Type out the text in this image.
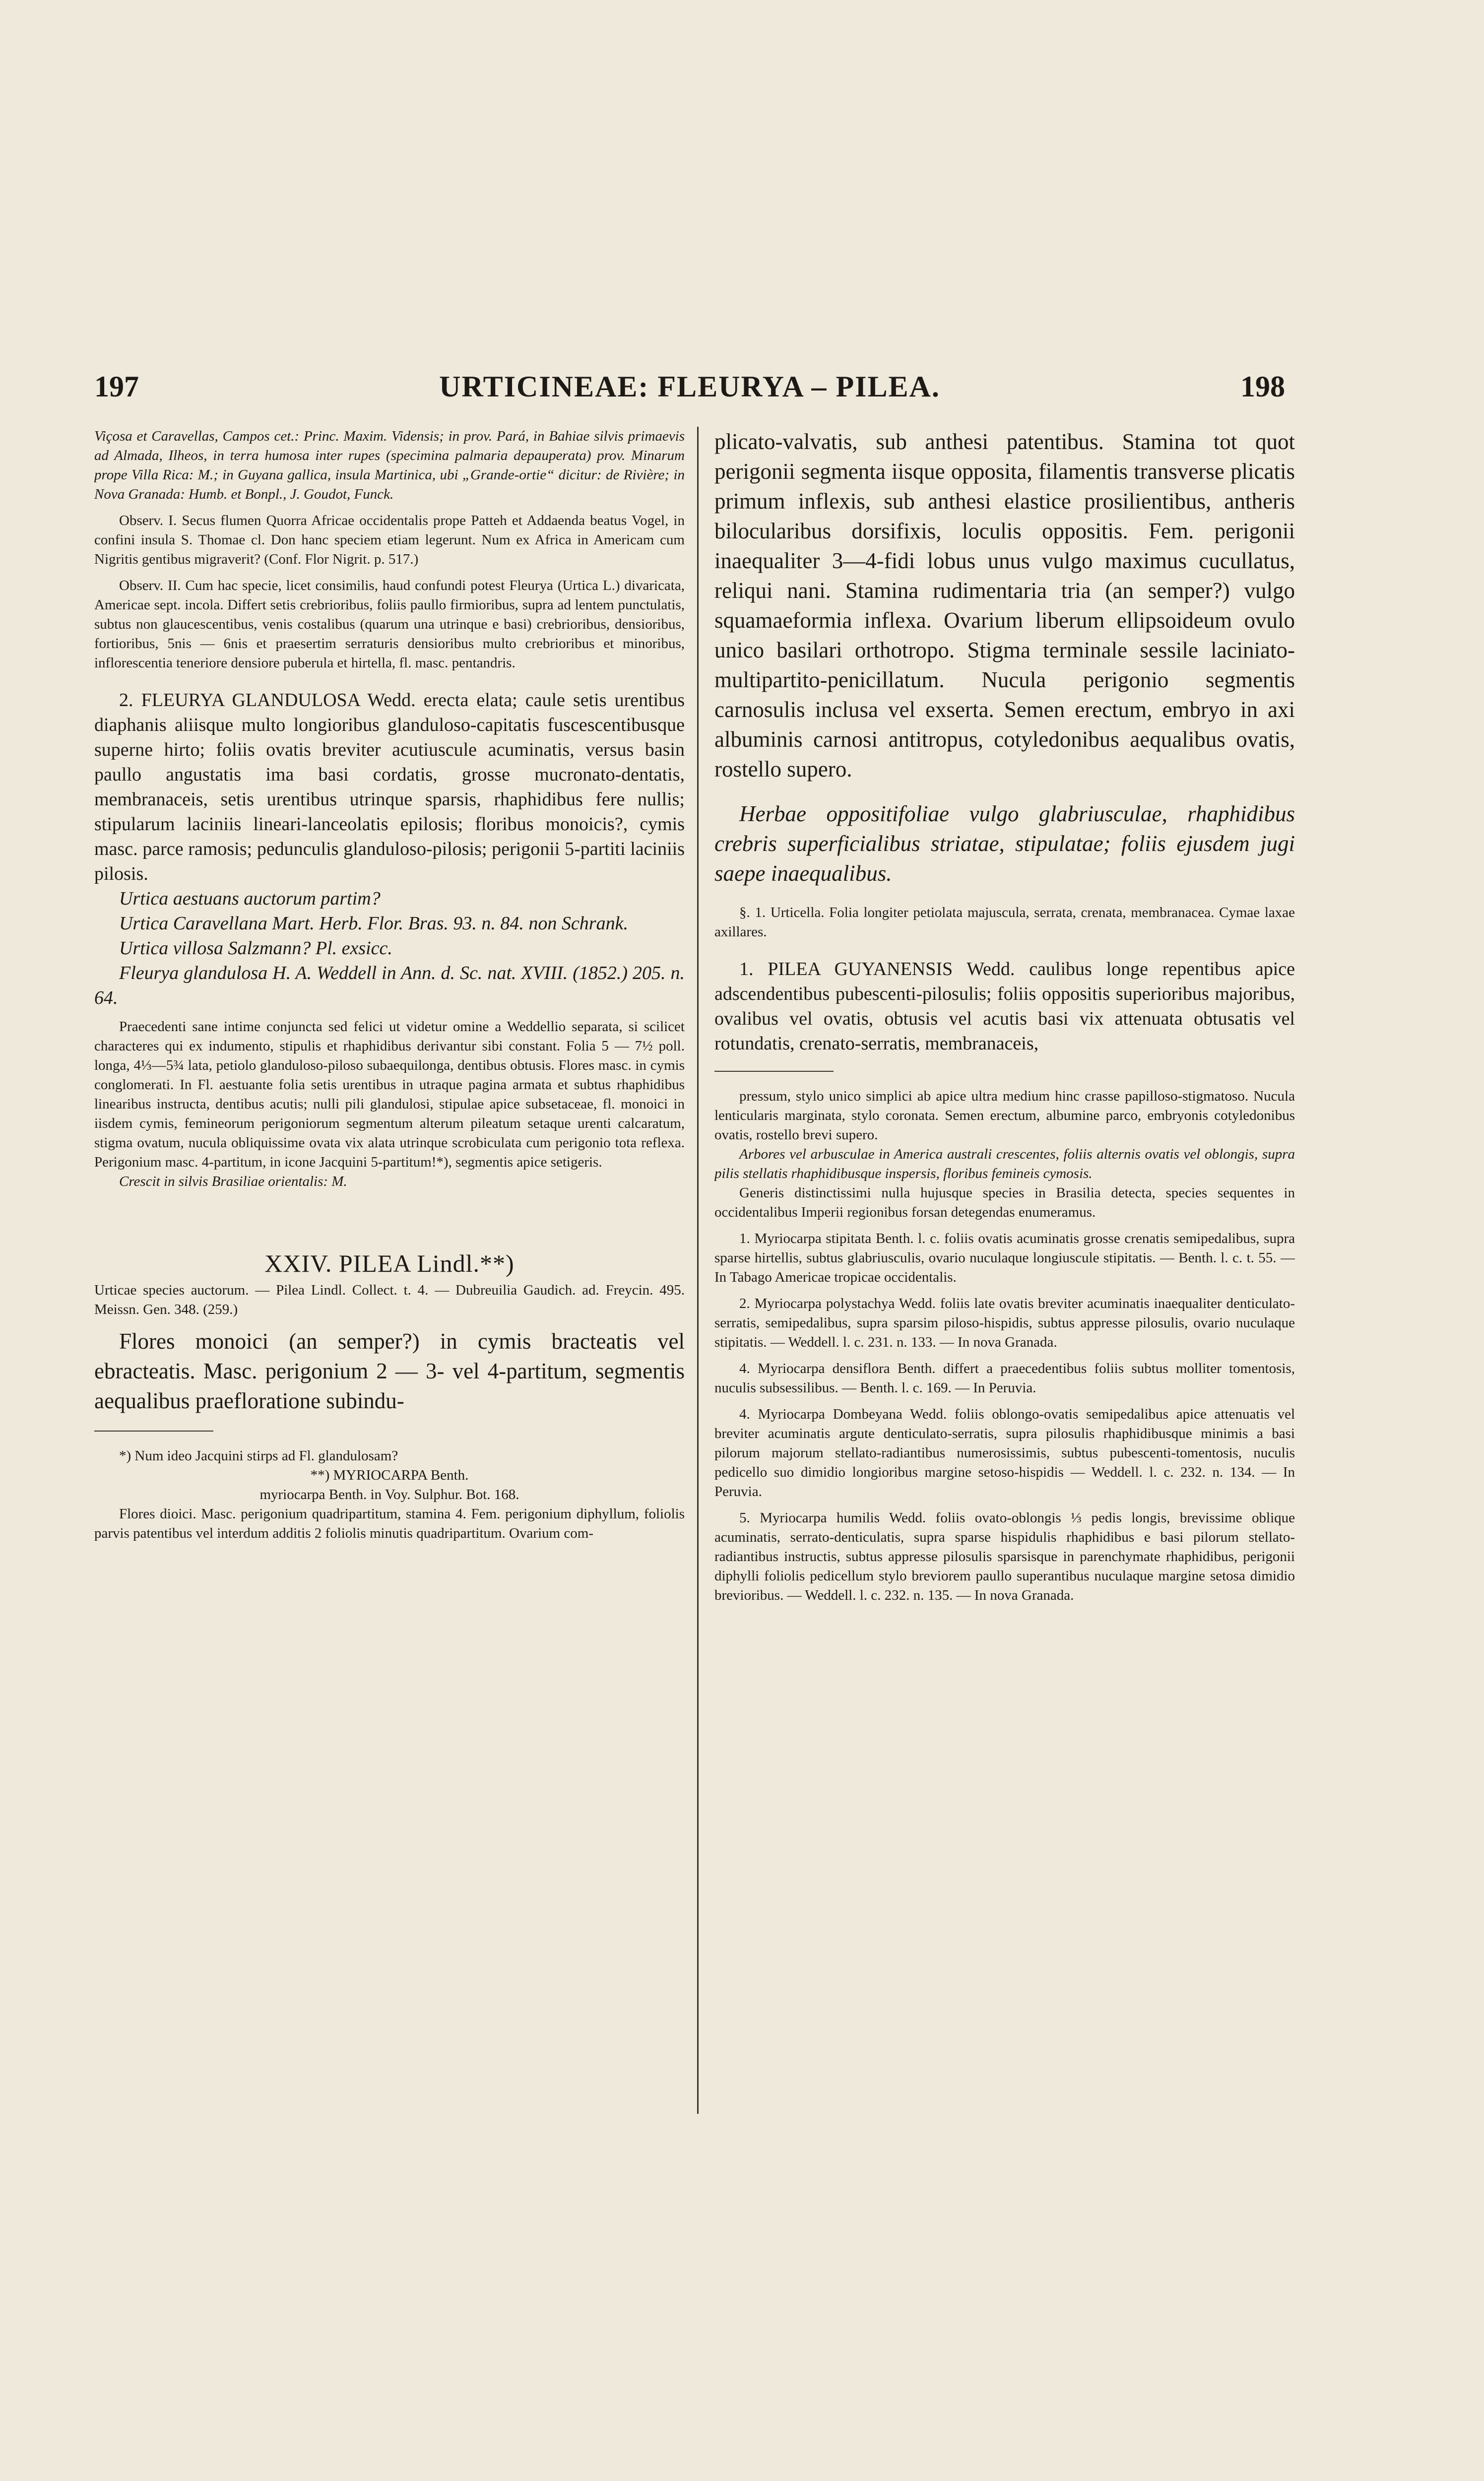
197	URTICINEAE: FLEURYA – PILEA.	198

Viçosa et Caravellas, Campos cet.: Princ. Maxim. Vidensis; in prov. Pará, in Bahiae silvis primaevis ad Almada, Ilheos, in terra humosa inter rupes (specimina palmaria depauperata) prov. Minarum prope Villa Rica: M.; in Guyana gallica, insula Martinica, ubi „Grande-ortie“ dicitur: de Rivière; in Nova Granada: Humb. et Bonpl., J. Goudot, Funck.

Observ. I. Secus flumen Quorra Africae occidentalis prope Patteh et Addaenda beatus Vogel, in confini insula S. Thomae cl. Don hanc speciem etiam legerunt. Num ex Africa in Americam cum Nigritis gentibus migraverit? (Conf. Flor Nigrit. p. 517.)

Observ. II. Cum hac specie, licet consimilis, haud confundi potest Fleurya (Urtica L.) divaricata, Americae sept. incola. Differt setis crebrioribus, foliis paullo firmioribus, supra ad lentem punctulatis, subtus non glaucescentibus, venis costalibus (quarum una utrinque e basi) crebrioribus, densioribus, fortioribus, 5nis — 6nis et praesertim serraturis densioribus multo crebrioribus et minoribus, inflorescentia teneriore densiore puberula et hirtella, fl. masc. pentandris.

2. FLEURYA GLANDULOSA Wedd. erecta elata; caule setis urentibus diaphanis aliisque multo longioribus glanduloso-capitatis fuscescentibusque superne hirto; foliis ovatis breviter acutiuscule acuminatis, versus basin paullo angustatis ima basi cordatis, grosse mucronato-dentatis, membranaceis, setis urentibus utrinque sparsis, rhaphidibus fere nullis; stipularum laciniis lineari-lanceolatis epilosis; floribus monoicis?, cymis masc. parce ramosis; pedunculis glanduloso-pilosis; perigonii 5-partiti laciniis pilosis.

Urtica aestuans auctorum partim?

Urtica Caravellana Mart. Herb. Flor. Bras. 93. n. 84. non Schrank.

Urtica villosa Salzmann? Pl. exsicc.

Fleurya glandulosa H. A. Weddell in Ann. d. Sc. nat. XVIII. (1852.) 205. n. 64.

Praecedenti sane intime conjuncta sed felici ut videtur omine a Weddellio separata, si scilicet characteres qui ex indumento, stipulis et rhaphidibus derivantur sibi constant. Folia 5 — 7½ poll. longa, 4⅓—5¾ lata, petiolo glanduloso-piloso subaequilonga, dentibus obtusis. Flores masc. in cymis conglomerati. In Fl. aestuante folia setis urentibus in utraque pagina armata et subtus rhaphidibus linearibus instructa, dentibus acutis; nulli pili glandulosi, stipulae apice subsetaceae, fl. monoici in iisdem cymis, femineorum perigoniorum segmentum alterum pileatum setaque urenti calcaratum, stigma ovatum, nucula obliquissime ovata vix alata utrinque scrobiculata cum perigonio tota reflexa. Perigonium masc. 4-partitum, in icone Jacquini 5-partitum!*), segmentis apice setigeris.

Crescit in silvis Brasiliae orientalis: M.

XXIV. PILEA Lindl.**)

Urticae species auctorum. — Pilea Lindl. Collect. t. 4. — Dubreuilia Gaudich. ad. Freycin. 495. Meissn. Gen. 348. (259.)

Flores monoici (an semper?) in cymis bracteatis vel ebracteatis. Masc. perigonium 2 — 3- vel 4-partitum, segmentis aequalibus praefloratione subindu-

*) Num ideo Jacquini stirps ad Fl. glandulosam?

**) MYRIOCARPA Benth.

myriocarpa Benth. in Voy. Sulphur. Bot. 168.

Flores dioici. Masc. perigonium quadripartitum, stamina 4. Fem. perigonium diphyllum, foliolis parvis patentibus vel interdum additis 2 foliolis minutis quadripartitum. Ovarium com-

plicato-valvatis, sub anthesi patentibus. Stamina tot quot perigonii segmenta iisque opposita, filamentis transverse plicatis primum inflexis, sub anthesi elastice prosilientibus, antheris bilocularibus dorsifixis, loculis oppositis. Fem. perigonii inaequaliter 3—4-fidi lobus unus vulgo maximus cucullatus, reliqui nani. Stamina rudimentaria tria (an semper?) vulgo squamaeformia inflexa. Ovarium liberum ellipsoideum ovulo unico basilari orthotropo. Stigma terminale sessile laciniato-multipartito-penicillatum. Nucula perigonio segmentis carnosulis inclusa vel exserta. Semen erectum, embryo in axi albuminis carnosi antitropus, cotyledonibus aequalibus ovatis, rostello supero.

Herbae oppositifoliae vulgo glabriusculae, rhaphidibus crebris superficialibus striatae, stipulatae; foliis ejusdem jugi saepe inaequalibus.

§. 1. Urticella. Folia longiter petiolata majuscula, serrata, crenata, membranacea. Cymae laxae axillares.

1. PILEA GUYANENSIS Wedd. caulibus longe repentibus apice adscendentibus pubescenti-pilosulis; foliis oppositis superioribus majoribus, ovalibus vel ovatis, obtusis vel acutis basi vix attenuata obtusatis vel rotundatis, crenato-serratis, membranaceis,

pressum, stylo unico simplici ab apice ultra medium hinc crasse papilloso-stigmatoso. Nucula lenticularis marginata, stylo coronata. Semen erectum, albumine parco, embryonis cotyledonibus ovatis, rostello brevi supero.

Arbores vel arbusculae in America australi crescentes, foliis alternis ovatis vel oblongis, supra pilis stellatis rhaphidibusque inspersis, floribus femineis cymosis.

Generis distinctissimi nulla hujusque species in Brasilia detecta, species sequentes in occidentalibus Imperii regionibus forsan detegendas enumeramus.

1. Myriocarpa stipitata Benth. l. c. foliis ovatis acuminatis grosse crenatis semipedalibus, supra sparse hirtellis, subtus glabriusculis, ovario nuculaque longiuscule stipitatis. — Benth. l. c. t. 55. — In Tabago Americae tropicae occidentalis.

2. Myriocarpa polystachya Wedd. foliis late ovatis breviter acuminatis inaequaliter denticulato-serratis, semipedalibus, supra sparsim piloso-hispidis, subtus appresse pilosulis, ovario nuculaque stipitatis. — Weddell. l. c. 231. n. 133. — In nova Granada.

4. Myriocarpa densiflora Benth. differt a praecedentibus foliis subtus molliter tomentosis, nuculis subsessilibus. — Benth. l. c. 169. — In Peruvia.

4. Myriocarpa Dombeyana Wedd. foliis oblongo-ovatis semipedalibus apice attenuatis vel breviter acuminatis argute denticulato-serratis, supra pilosulis rhaphidibusque minimis a basi pilorum majorum stellato-radiantibus numerosissimis, subtus pubescenti-tomentosis, nuculis pedicello suo dimidio longioribus margine setoso-hispidis — Weddell. l. c. 232. n. 134. — In Peruvia.

5. Myriocarpa humilis Wedd. foliis ovato-oblongis ⅓ pedis longis, brevissime oblique acuminatis, serrato-denticulatis, supra sparse hispidulis rhaphidibus e basi pilorum stellato-radiantibus instructis, subtus appresse pilosulis sparsisque in parenchymate rhaphidibus, perigonii diphylli foliolis pedicellum stylo breviorem paullo superantibus nuculaque margine setosa dimidio brevioribus. — Weddell. l. c. 232. n. 135. — In nova Granada.
